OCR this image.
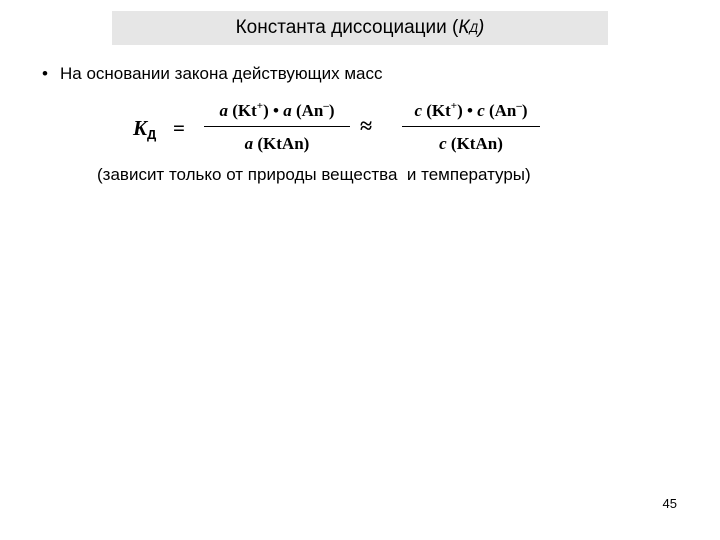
Константа диссоциации ( К Д )
• На основании закона действующих масс
$K_Д$ =
a (Kt+) • a (An–)
a (KtAn)
≈
c (Kt+) • c (An–)
c (KtAn)
(зависит только от природы вещества  и температуры)
45
